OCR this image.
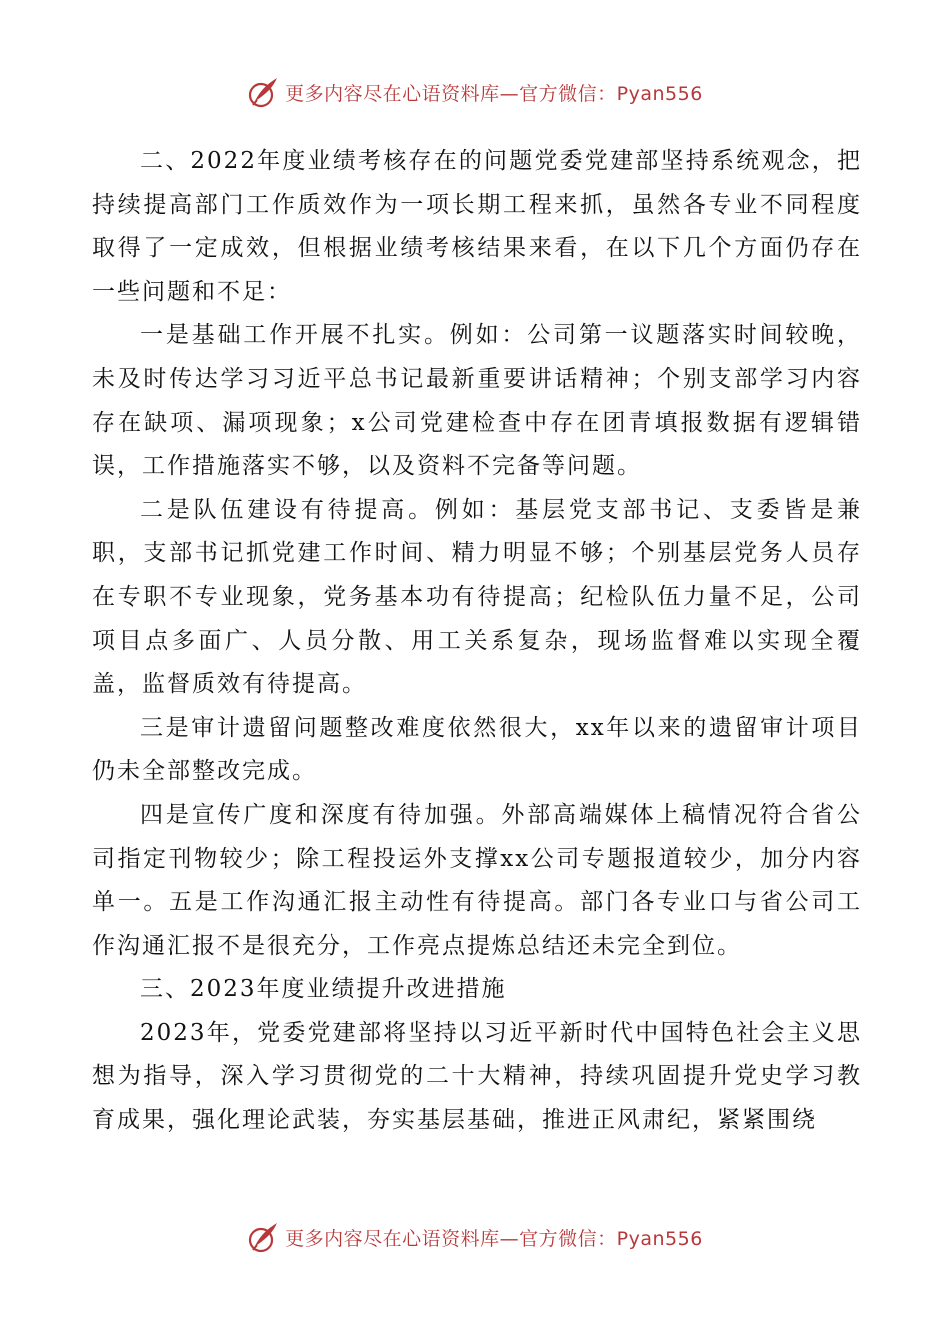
更多内容尽在心语资料库—官方微信：Pyan556

二、2022年度业绩考核存在的问题党委党建部坚持系统观念，把持续提高部门工作质效作为一项长期工程来抓，虽然各专业不同程度取得了一定成效，但根据业绩考核结果来看，在以下几个方面仍存在一些问题和不足：

一是基础工作开展不扎实。例如：公司第一议题落实时间较晚，未及时传达学习习近平总书记最新重要讲话精神；个别支部学习内容存在缺项、漏项现象；x公司党建检查中存在团青填报数据有逻辑错误，工作措施落实不够，以及资料不完备等问题。

二是队伍建设有待提高。例如：基层党支部书记、支委皆是兼职，支部书记抓党建工作时间、精力明显不够；个别基层党务人员存在专职不专业现象，党务基本功有待提高；纪检队伍力量不足，公司项目点多面广、人员分散、用工关系复杂，现场监督难以实现全覆盖，监督质效有待提高。

三是审计遗留问题整改难度依然很大，xx年以来的遗留审计项目仍未全部整改完成。

四是宣传广度和深度有待加强。外部高端媒体上稿情况符合省公司指定刊物较少；除工程投运外支撑xx公司专题报道较少，加分内容单一。五是工作沟通汇报主动性有待提高。部门各专业口与省公司工作沟通汇报不是很充分，工作亮点提炼总结还未完全到位。

三、2023年度业绩提升改进措施

2023年，党委党建部将坚持以习近平新时代中国特色社会主义思想为指导，深入学习贯彻党的二十大精神，持续巩固提升党史学习教育成果，强化理论武装，夯实基层基础，推进正风肃纪，紧紧围绕

更多内容尽在心语资料库—官方微信：Pyan556
